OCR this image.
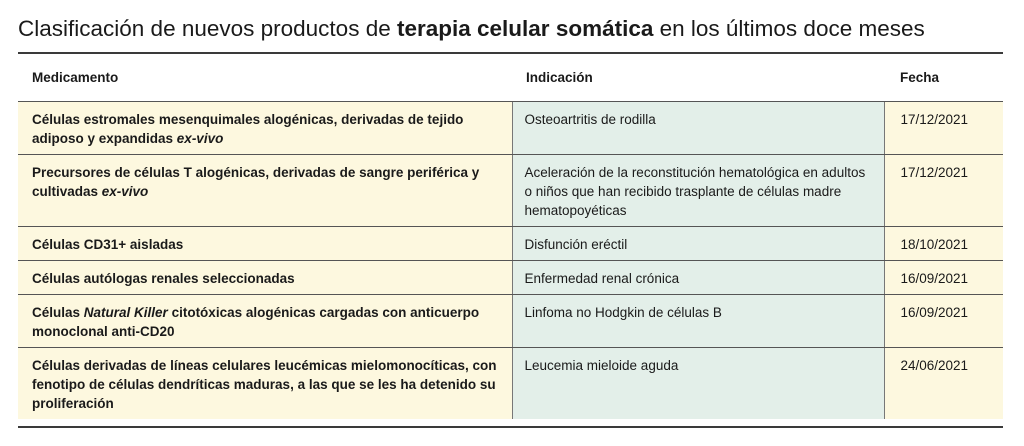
Clasificación de nuevos productos de terapia celular somática en los últimos doce meses
Medicamento	Indicación	Fecha
Células estromales mesenquimales alogénicas, derivadas de tejido adiposo y expandidas ex-vivo	Osteoartritis de rodilla	17/12/2021
Precursores de células T alogénicas, derivadas de sangre periférica y cultivadas ex-vivo	Aceleración de la reconstitución hematológica en adultos o niños que han recibido trasplante de células madre hematopoyéticas	17/12/2021
Células CD31+ aisladas	Disfunción eréctil	18/10/2021
Células autólogas renales seleccionadas	Enfermedad renal crónica	16/09/2021
Células Natural Killer citotóxicas alogénicas cargadas con anticuerpo monoclonal anti-CD20	Linfoma no Hodgkin de células B	16/09/2021
Células derivadas de líneas celulares leucémicas mielomonocíticas, con fenotipo de células dendríticas maduras, a las que se les ha detenido su proliferación	Leucemia mieloide aguda	24/06/2021
